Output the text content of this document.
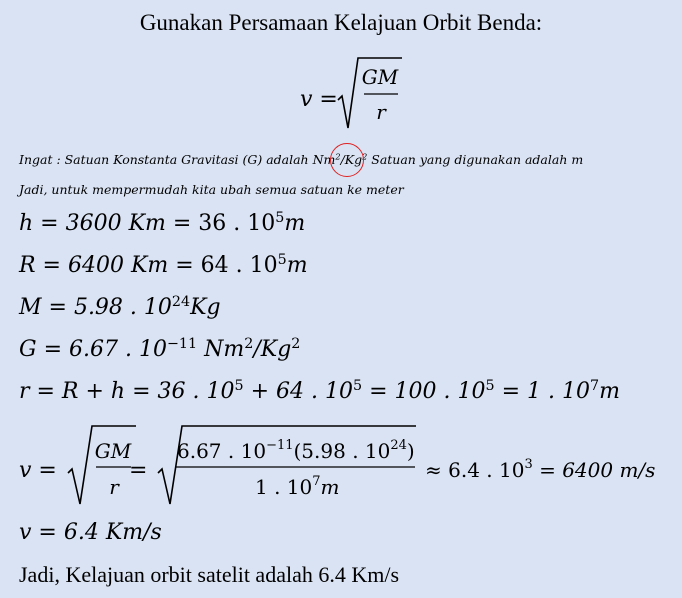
Gunakan Persamaan Kelajuan Orbit Benda:
v =
GM
r
Ingat : Satuan Konstanta Gravitasi (G) adalah Nm$^2$/Kg$^2$ Satuan yang digunakan adalah m
Jadi, untuk mempermudah kita ubah semua satuan ke meter
h = 3600 Km = 36 . $10^5m$
R = 6400 Km = 64 . $10^5m$
M = 5.98 . $10^{24}Kg$
G = 6.67 . $10^{-11}$ Nm$^2$/Kg$^2$
r = R + h = 36 . $10^5 + 64$ . $10^5 = 100$ . $10^5 = 1$ . $10^7m$
v =
GM
r
=
6.67 . $10^{-11}(5.98$ . $10^{24}$)
1 . $10^7m$
≈ 6.4 . $10^3 = 6400$ m/s
v = 6.4 Km/s
Jadi, Kelajuan orbit satelit adalah 6.4 Km/s
